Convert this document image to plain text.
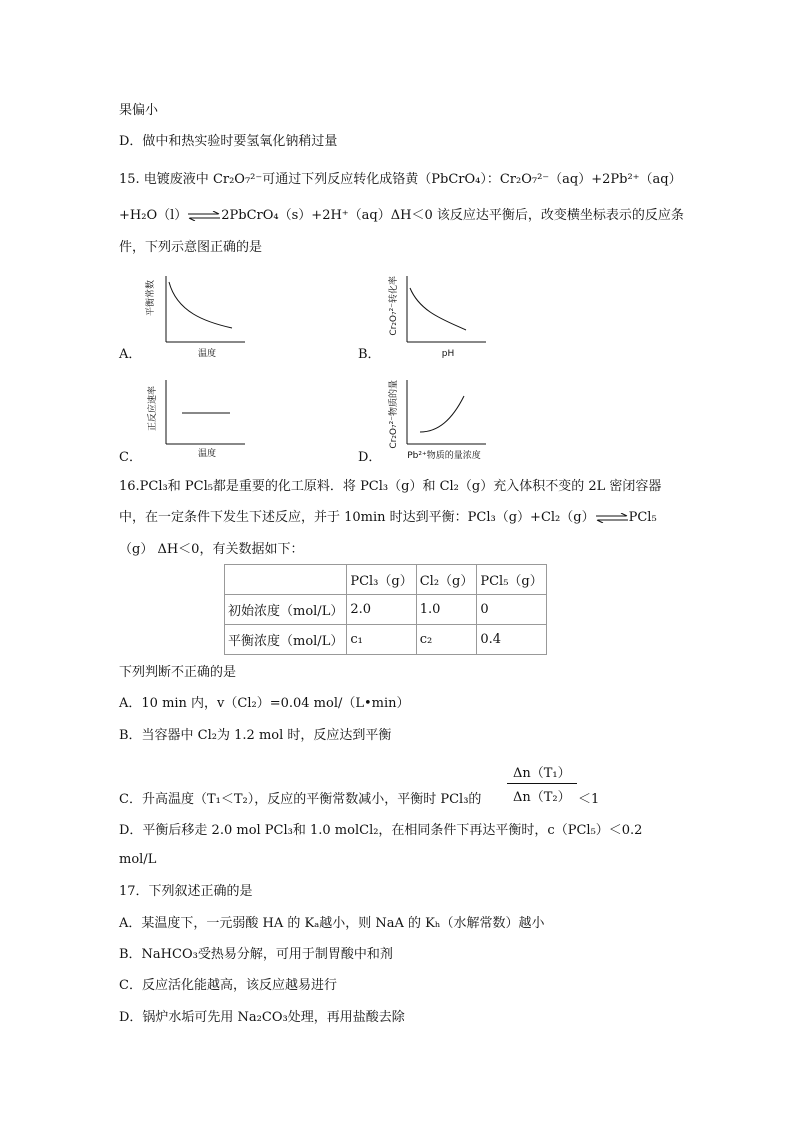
果偏小
D．做中和热实验时要氢氧化钠稍过量
15. 电镀废液中 Cr₂O₇²⁻可通过下列反应转化成铬黄（PbCrO₄）：Cr₂O₇²⁻（aq）+2Pb²⁺（aq）
+H₂O（l）⇌2PbCrO₄（s）+2H⁺（aq）ΔH＜0 该反应达平衡后，改变横坐标表示的反应条
件，下列示意图正确的是
A．	B．
C．	D．
平衡常数
温度
Cr₂O₇²⁻转化率
pH
正反应速率
温度
Cr₂O₇²⁻物质的量
Pb²⁺物质的量浓度
16.PCl₃和 PCl₅都是重要的化工原料．将 PCl₃（g）和 Cl₂（g）充入体积不变的 2L 密闭容器
中，在一定条件下发生下述反应，并于 10min 时达到平衡：PCl₃（g）+Cl₂（g）⇌PCl₅
（g） ΔH＜0，有关数据如下：
	PCl₃（g）	Cl₂（g）	PCl₅（g）
初始浓度（mol/L）	2.0	1.0	0
平衡浓度（mol/L）	c₁	c₂	0.4
下列判断不正确的是
A．10 min 内，v（Cl₂）=0.04 mol/（L•min）
B．当容器中 Cl₂为 1.2 mol 时，反应达到平衡
Δn（T₁）
Δn（T₂）
C．升高温度（T₁＜T₂），反应的平衡常数减小，平衡时 PCl₃的	＜1
D．平衡后移走 2.0 mol PCl₃和 1.0 molCl₂，在相同条件下再达平衡时，c（PCl₅）＜0.2
mol/L
17．下列叙述正确的是
A．某温度下，一元弱酸 HA 的 Kₐ越小，则 NaA 的 Kₕ（水解常数）越小
B．NaHCO₃受热易分解，可用于制胃酸中和剂
C．反应活化能越高，该反应越易进行
D．锅炉水垢可先用 Na₂CO₃处理，再用盐酸去除
